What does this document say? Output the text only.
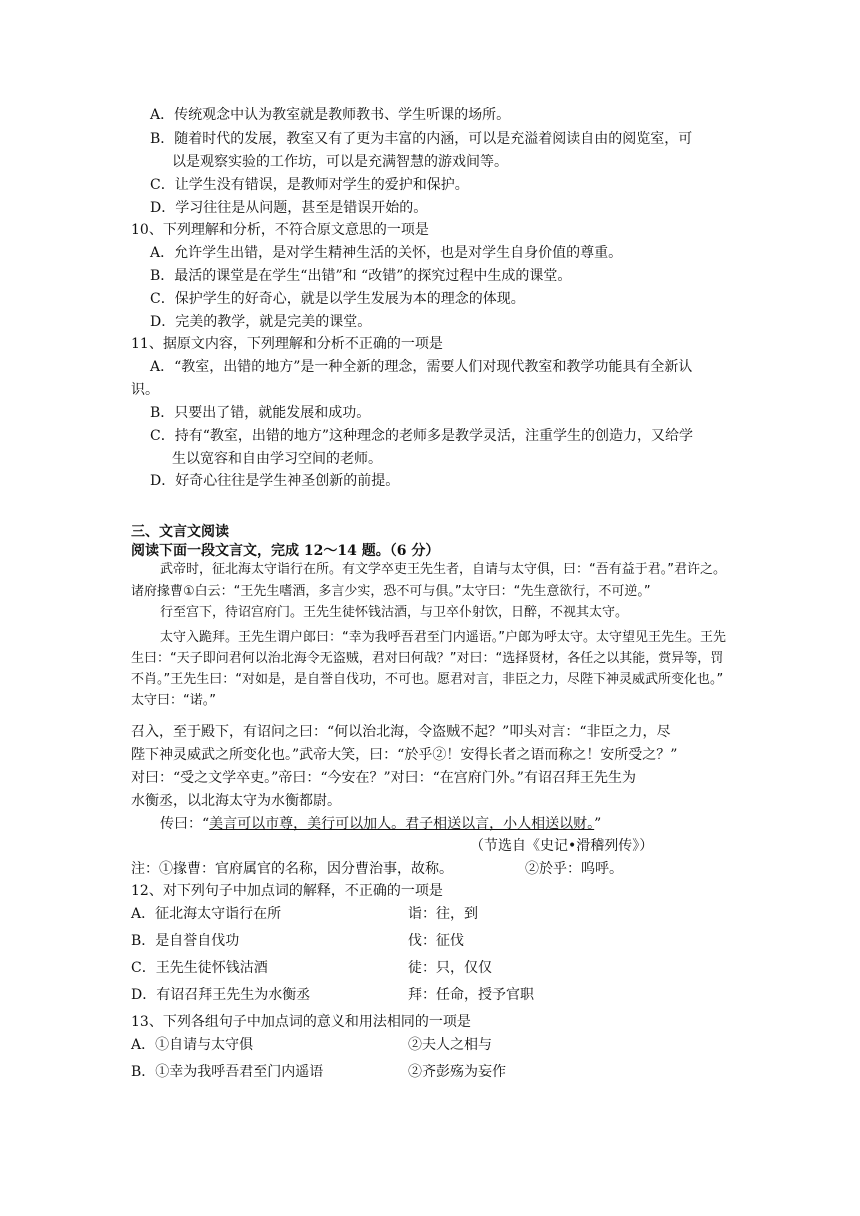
A．传统观念中认为教室就是教师教书、学生听课的场所。
B．随着时代的发展，教室又有了更为丰富的内涵，可以是充溢着阅读自由的阅览室，可
以是观察实验的工作坊，可以是充满智慧的游戏间等。
C．让学生没有错误，是教师对学生的爱护和保护。
D．学习往往是从问题，甚至是错误开始的。
10、下列理解和分析，不符合原文意思的一项是
A．允许学生出错，是对学生精神生活的关怀，也是对学生自身价值的尊重。
B．最活的课堂是在学生“出错”和 “改错”的探究过程中生成的课堂。
C．保护学生的好奇心，就是以学生发展为本的理念的体现。
D．完美的教学，就是完美的课堂。
11、据原文内容，下列理解和分析不正确的一项是
A．“教室，出错的地方”是一种全新的理念，需要人们对现代教室和教学功能具有全新认
识。
B．只要出了错，就能发展和成功。
C．持有“教室，出错的地方”这种理念的老师多是教学灵活，注重学生的创造力，又给学
生以宽容和自由学习空间的老师。
D．好奇心往往是学生神圣创新的前提。
三、文言文阅读
阅读下面一段文言文，完成 12～14 题。（6 分）
武帝时，征北海太守诣行在所。有文学卒吏王先生者，自请与太守俱，曰：“吾有益于君。”君许之。
诸府掾曹①白云：“王先生嗜酒，多言少实，恐不可与俱。”太守曰：“先生意欲行，不可逆。”
行至宫下，待诏宫府门。王先生徒怀钱沽酒，与卫卒仆射饮，日醉，不视其太守。
太守入跪拜。王先生谓户郎曰：“幸为我呼吾君至门内遥语。”户郎为呼太守。太守望见王先生。王先
生曰：“天子即问君何以治北海令无盗贼，君对曰何哉？”对曰：“选择贤材，各任之以其能，赏异等，罚
不肖。”王先生曰：“对如是，是自誉自伐功，不可也。愿君对言，非臣之力，尽陛下神灵威武所变化也。”
太守曰：“诺。”
召入，至于殿下，有诏问之曰：“何以治北海，令盗贼不起？”叩头对言：“非臣之力，尽
陛下神灵威武之所变化也。”武帝大笑，曰：“於乎②！安得长者之语而称之！安所受之？”
对曰：“受之文学卒吏。”帝曰：“今安在？”对曰：“在宫府门外。”有诏召拜王先生为
水衡丞，以北海太守为水衡都尉。
传曰：“美言可以市尊，美行可以加人。君子相送以言，小人相送以财。”
（节选自《史记•滑稽列传》）
注：①掾曹：官府属官的名称，因分曹治事，故称。	②於乎：呜呼。
12、对下列句子中加点词的解释，不正确的一项是
A．征北海太守诣行在所	诣：往，到
B．是自誉自伐功	伐：征伐
C．王先生徒怀钱沽酒	徒：只，仅仅
D．有诏召拜王先生为水衡丞	拜：任命，授予官职
13、下列各组句子中加点词的意义和用法相同的一项是
A．①自请与太守俱	②夫人之相与
B．①幸为我呼吾君至门内遥语	②齐彭殇为妄作
